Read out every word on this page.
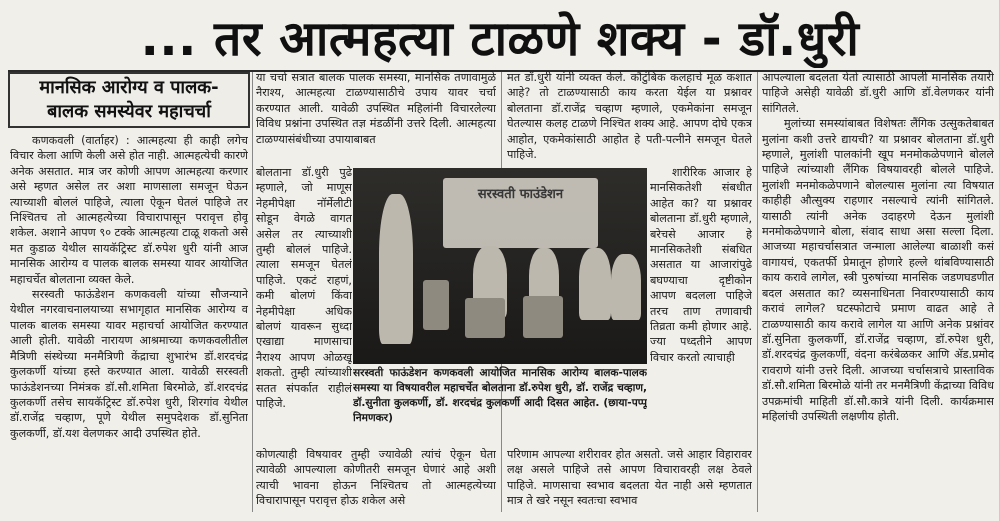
... तर आत्महत्या टाळणे शक्य - डॉ.धुरी
मानसिक आरोग्य व पालक-
बालक समस्येवर महाचर्चा

कणकवली (वार्ताहर) : आत्महत्या ही काही लगेच विचार केला आणि केली असे होत नाही. आत्महत्येची कारणे अनेक असतात. मात्र जर कोणी आपण आत्महत्या करणार असे म्हणत असेल तर अशा माणसाला समजून घेऊन त्याच्याशी बोललं पाहिजे, त्याला ऐकून घेतलं पाहिजे तर निश्चितच तो आत्महत्येच्या विचारापासून परावृत्त होवू शकेल. अशाने आपण ९० टक्के आत्महत्या टाळू शकतो असे मत कुडाळ येथील सायकॅट्रिस्ट डॉ.रुपेश धुरी यांनी आज मानसिक आरोग्य व पालक बालक समस्या यावर आयोजित महाचर्चेत बोलताना व्यक्त केले.

सरस्वती फाऊंडेशन कणकवली यांच्या सौजन्याने येथील नगरवाचनालयाच्या सभागृहात मानसिक आरोग्य व पालक बालक समस्या यावर महाचर्चा आयोजित करण्यात आली होती. यावेळी नारायण आश्रमाच्या कणकवलीतील मैत्रिणी संस्थेच्या मनमैत्रिणी केंद्राचा शुभारंभ डॉ.शरदचंद्र कुलकर्णी यांच्या हस्ते करण्यात आला. यावेळी सरस्वती फाऊंडेशनच्या निमंत्रक डॉ.सौ.शमिता बिरमोळे, डॉ.शरदचंद्र कुलकर्णी तसेच सायकॅट्रिस्ट डॉ.रुपेश धुरी, शिरगांव येथील डॉ.राजेंद्र चव्हाण, पूणे येथील समुपदेशक डॉ.सुनिता कुलकर्णी, डॉ.यश वेलणकर आदी उपस्थित होते.

या चर्चा सत्रात बालक पालक समस्या, मानसिक तणावामुळे नैराश्य, आत्महत्या टाळण्यासाठीचे उपाय यावर चर्चा करण्यात आली. यावेळी उपस्थित महिलांनी विचारलेल्या विविध प्रश्नांना उपस्थित तज्ञ मंडळींनी उत्तरे दिली. आत्महत्या टाळण्यासंबंधीच्या उपायाबाबत

बोलताना डॉ.धुरी पुढे म्हणाले, जो माणूस नेहमीपेक्षा नॉर्मेलीटी सोडून वेगळे वागत असेल तर त्याच्याशी तुम्ही बोललं पाहिजे. त्याला समजून घेतलं पाहिजे. एकटं राहणं, कमी बोलणं किंवा नेहमीपेक्षा अधिक बोलणं यावरून सुध्दा एखाद्या माणसाचा नैराश्य आपण ओळखू शकतो. तुम्ही त्यांच्याशी सतत संपर्कात राहीलं पाहिजे.

कोणत्याही विषयावर तुम्ही ज्यावेळी त्यांचं ऐकून घेता त्यावेळी आपल्याला कोणीतरी समजून घेणारं आहे अशी त्याची भावना होऊन निश्चितच तो आत्महत्येच्या विचारापासून परावृत्त होऊ शकेल असे

मत डॉ.धुरी यांनी व्यक्त केले. कौटुंबिक कलहाचे मूळ कशात आहे? तो टाळण्यासाठी काय करता येईल या प्रश्नावर बोलताना डॉ.राजेंद्र चव्हाण म्हणाले, एकमेकांना समजून घेतल्यास कलह टाळणे निश्चित शक्य आहे. आपण दोघे एकत्र आहोत, एकमेकांसाठी आहोत हे पती-पत्नीने समजून घेतले पाहिजे.

शारीरिक आजार हे मानसिकतेशी संबधीत आहेत का? या प्रश्नावर बोलताना डॉ.धुरी म्हणाले, बरेचसे आजार हे मानसिकतेशी संबधित असतात या आजारांपुढे बघण्याचा दृष्टीकोन आपण बदलला पाहिजे तरच ताण तणावाची तिव्रता कमी होणार आहे. ज्या पध्दतीने आपण विचार करतो त्याचाही

परिणाम आपल्या शरीरावर होत असतो. जसे आहार विहारावर लक्ष असले पाहिजे तसे आपण विचारावरही लक्ष ठेवले पाहिजे. माणसाचा स्वभाव बदलता येत नाही असे म्हणतात मात्र ते खरे नसून स्वतःचा स्वभाव

आपल्याला बदलता येतो त्यासाठी आपली मानसिक तयारी पाहिजे असेही यावेळी डॉ.धुरी आणि डॉ.वेलणकर यांनी सांगितले.

मुलांच्या समस्यांबाबत विशेषतः लैंगिक उत्सुकतेबाबत मुलांना कशी उत्तरे द्यायची? या प्रश्नावर बोलताना डॉ.धुरी म्हणाले, मुलांशी पालकांनी खूप मनमोकळेपणाने बोलले पाहिजे त्यांच्याशी लैंगिक विषयावरही बोलले पाहिजे. मुलांशी मनमोकळेपणाने बोलल्यास मुलांना त्या विषयात काहीही औत्सुक्य राहणार नसल्याचे त्यांनी सांगितले. यासाठी त्यांनी अनेक उदाहरणे देऊन मुलांशी मनमोकळेपणाने बोला, संवाद साधा असा सल्ला दिला. आजच्या महाचर्चासत्रात जन्माला आलेल्या बाळाशी कसं वागायचं, एकतर्फी प्रेमातून होणारे हल्ले थांबविण्यासाठी काय करावे लागेल, स्त्री पुरुषांच्या मानसिक जडणघडणीत बदल असतात का? व्यसनाधिनता निवारण्यासाठी काय करावं लागेल? घटस्फोटाचे प्रमाण वाढत आहे ते टाळण्यासाठी काय करावे लागेल या आणि अनेक प्रश्नांवर डॉ.सुनिता कुलकर्णी, डॉ.राजेंद्र चव्हाण, डॉ.रुपेश धुरी, डॉ.शरदचंद्र कुलकर्णी, वंदना करंबेळकर आणि ॲड.प्रमोद रावराणे यांनी उत्तरे दिली. आजच्या चर्चासत्राचे प्रास्ताविक डॉ.सौ.शमिता बिरमोळे यांनी तर मनमैत्रिणी केंद्राच्या विविध उपक्रमांची माहिती डॉ.सौ.कात्रे यांनी दिली. कार्यक्रमास महिलांची उपस्थिती लक्षणीय होती.

सरस्वती फाउंडेशन
सरस्वती फाऊंडेशन कणकवली आयोजित मानसिक आरोग्य बालक-पालक समस्या या विषयावरील महाचर्चेत बोलताना डॉ.रुपेश धुरी, डॉ. राजेंद्र चव्हाण, डॉ.सुनीता कुलकर्णी, डॉ. शरदचंद्र कुलकर्णी आदी दिसत आहेत. (छाया-पप्पू निमणकर)
